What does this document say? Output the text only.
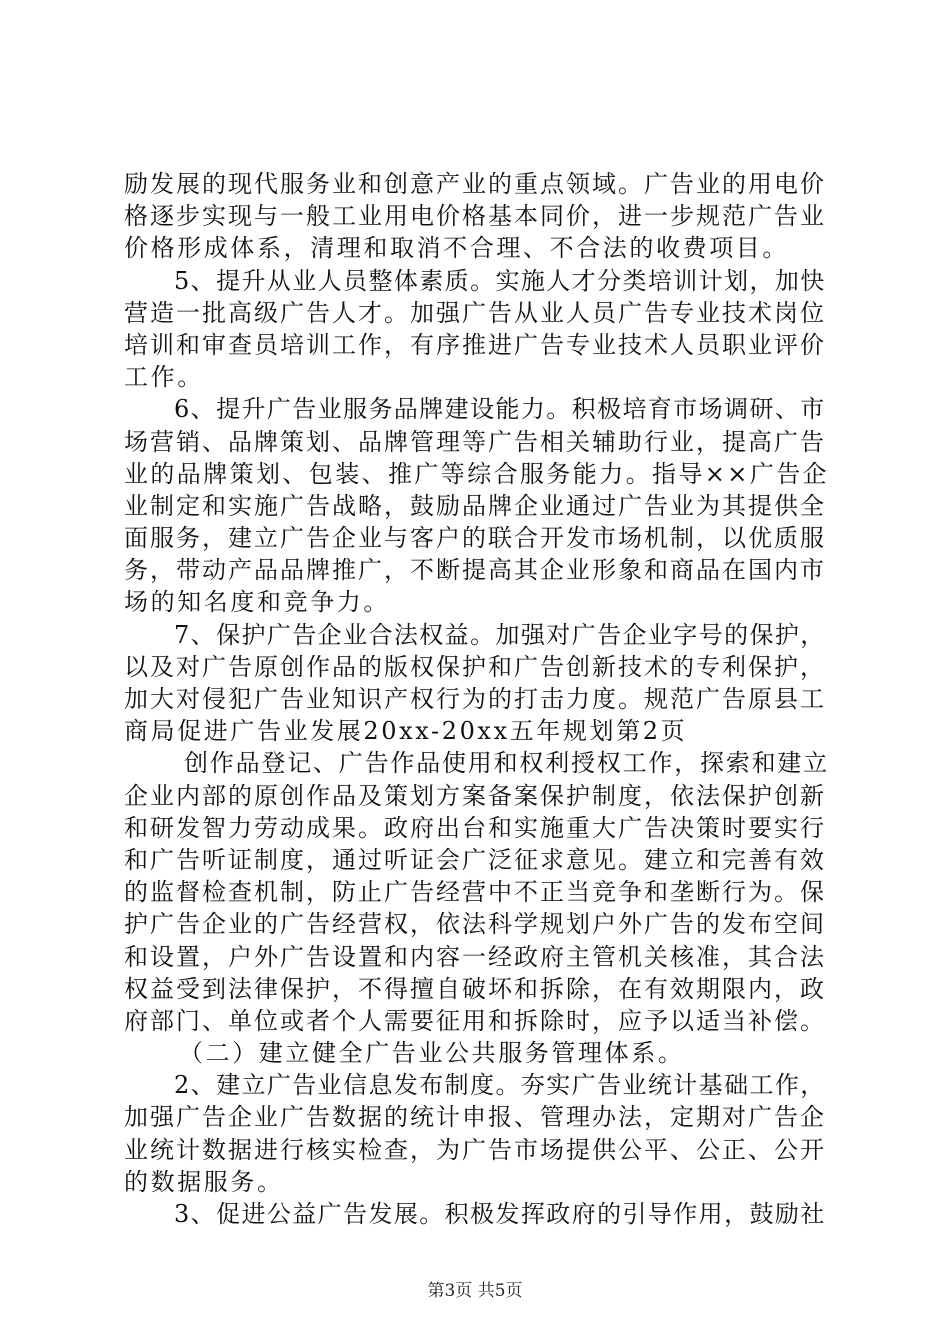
励发展的现代服务业和创意产业的重点领域。广告业的用电价
格逐步实现与一般工业用电价格基本同价，进一步规范广告业
价格形成体系，清理和取消不合理、不合法的收费项目。
5、提升从业人员整体素质。实施人才分类培训计划，加快
营造一批高级广告人才。加强广告从业人员广告专业技术岗位
培训和审查员培训工作，有序推进广告专业技术人员职业评价
工作。
6、提升广告业服务品牌建设能力。积极培育市场调研、市
场营销、品牌策划、品牌管理等广告相关辅助行业，提高广告
业的品牌策划、包装、推广等综合服务能力。指导××广告企
业制定和实施广告战略，鼓励品牌企业通过广告业为其提供全
面服务，建立广告企业与客户的联合开发市场机制，以优质服
务，带动产品品牌推广，不断提高其企业形象和商品在国内市
场的知名度和竞争力。
7、保护广告企业合法权益。加强对广告企业字号的保护，
以及对广告原创作品的版权保护和广告创新技术的专利保护，
加大对侵犯广告业知识产权行为的打击力度。规范广告原县工
商局促进广告业发展20xx-20xx五年规划第2页
创作品登记、广告作品使用和权利授权工作，探索和建立
企业内部的原创作品及策划方案备案保护制度，依法保护创新
和研发智力劳动成果。政府出台和实施重大广告决策时要实行
和广告听证制度，通过听证会广泛征求意见。建立和完善有效
的监督检查机制，防止广告经营中不正当竞争和垄断行为。保
护广告企业的广告经营权，依法科学规划户外广告的发布空间
和设置，户外广告设置和内容一经政府主管机关核准，其合法
权益受到法律保护，不得擅自破坏和拆除，在有效期限内，政
府部门、单位或者个人需要征用和拆除时，应予以适当补偿。
（二）建立健全广告业公共服务管理体系。
2、建立广告业信息发布制度。夯实广告业统计基础工作，
加强广告企业广告数据的统计申报、管理办法，定期对广告企
业统计数据进行核实检查，为广告市场提供公平、公正、公开
的数据服务。
3、促进公益广告发展。积极发挥政府的引导作用，鼓励社
第3页 共5页
